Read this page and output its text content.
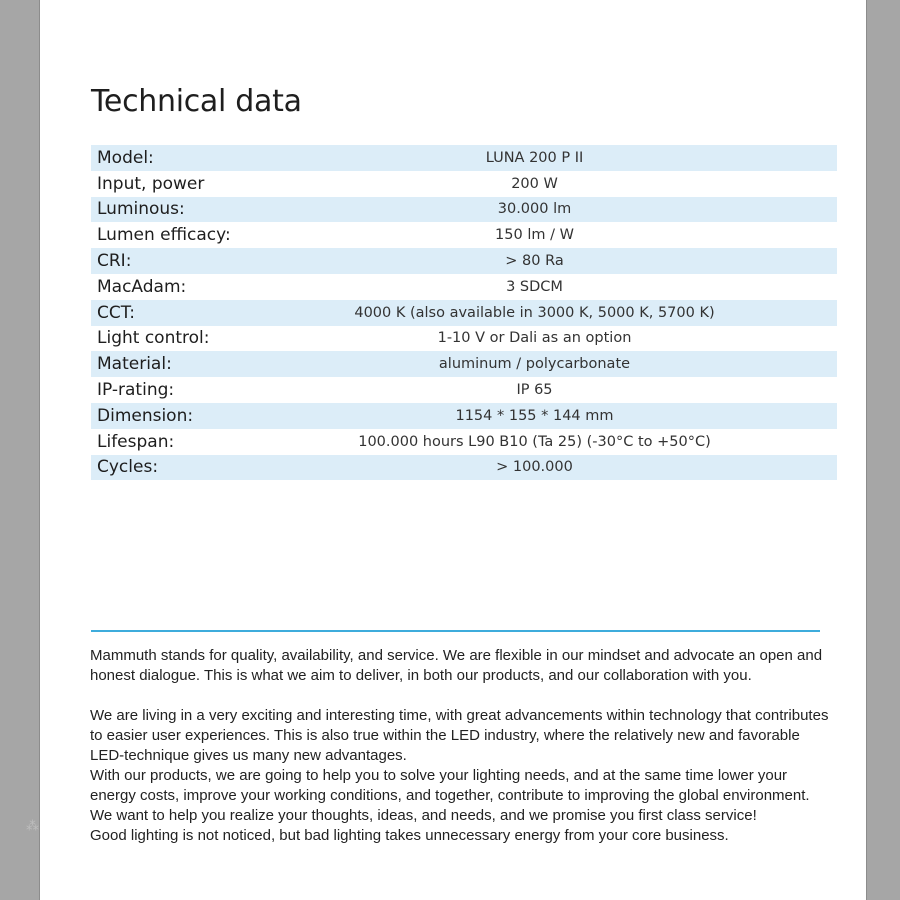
Technical data
Model:	LUNA 200 P II
Input, power	200 W
Luminous:	30.000 lm
Lumen efficacy:	150 lm / W
CRI:	> 80 Ra
MacAdam:	3 SDCM
CCT:	4000 K (also available in 3000 K, 5000 K, 5700 K)
Light control:	1-10 V or Dali as an option
Material:	aluminum / polycarbonate
IP-rating:	IP 65
Dimension:	1154 * 155 * 144 mm
Lifespan:	100.000 hours L90 B10 (Ta 25) (-30°C to +50°C)
Cycles:	> 100.000

Mammuth stands for quality, availability, and service. We are flexible in our mindset and advocate an open and honest dialogue. This is what we aim to deliver, in both our products, and our collaboration with you.

We are living in a very exciting and interesting time, with great advancements within technology that contributes to easier user experiences. This is also true within the LED industry, where the relatively new and favorable LED-technique gives us many new advantages.

With our products, we are going to help you to solve your lighting needs, and at the same time lower your energy costs, improve your working conditions, and together, contribute to improving the global environment.

We want to help you realize your thoughts, ideas, and needs, and we promise you first class service!

Good lighting is not noticed, but bad lighting takes unnecessary energy from your core business.

⁂
